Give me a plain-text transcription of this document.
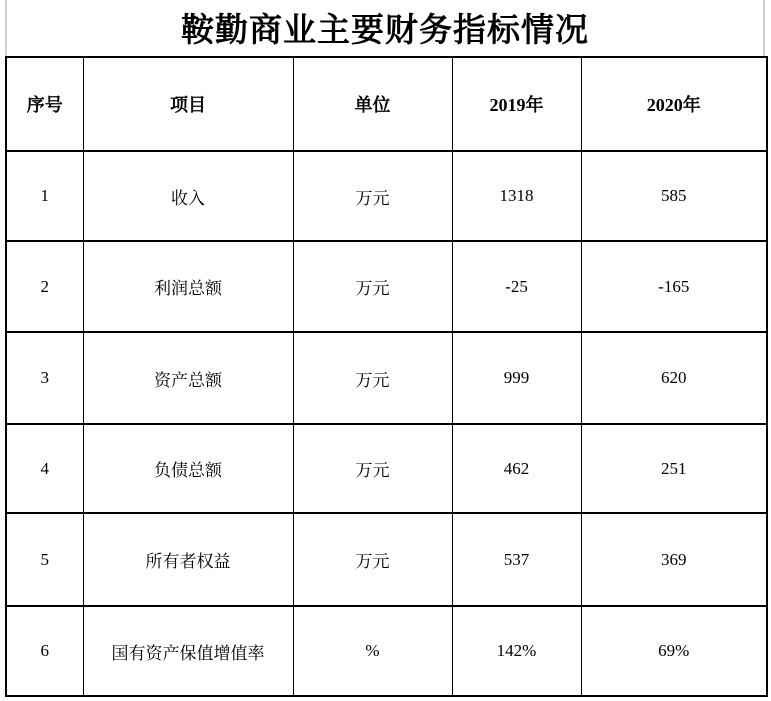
鞍勤商业主要财务指标情况
序号	项目	单位	2019年	2020年
1	收入	万元	1318	585
2	利润总额	万元	-25	-165
3	资产总额	万元	999	620
4	负债总额	万元	462	251
5	所有者权益	万元	537	369
6	国有资产保值增值率	%	142%	69%
